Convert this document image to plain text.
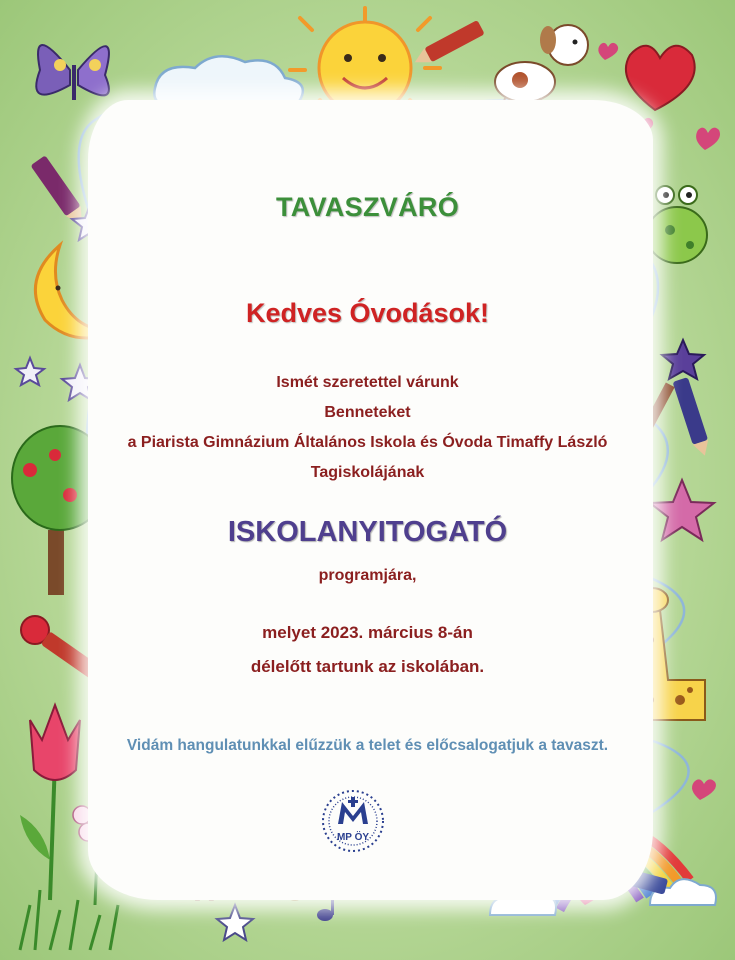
TAVASZVÁRÓ
Kedves Óvodások!
Ismét szeretettel várunk
Benneteket
a Piarista Gimnázium Általános Iskola és Óvoda Timaffy László
Tagiskolájának
ISKOLANYITOGATÓ
programjára,
melyet 2023. március 8-án
délelőtt tartunk az iskolában.
Vidám hangulatunkkal elűzzük a telet és előcsalogatjuk a tavaszt.
MP ÖY
